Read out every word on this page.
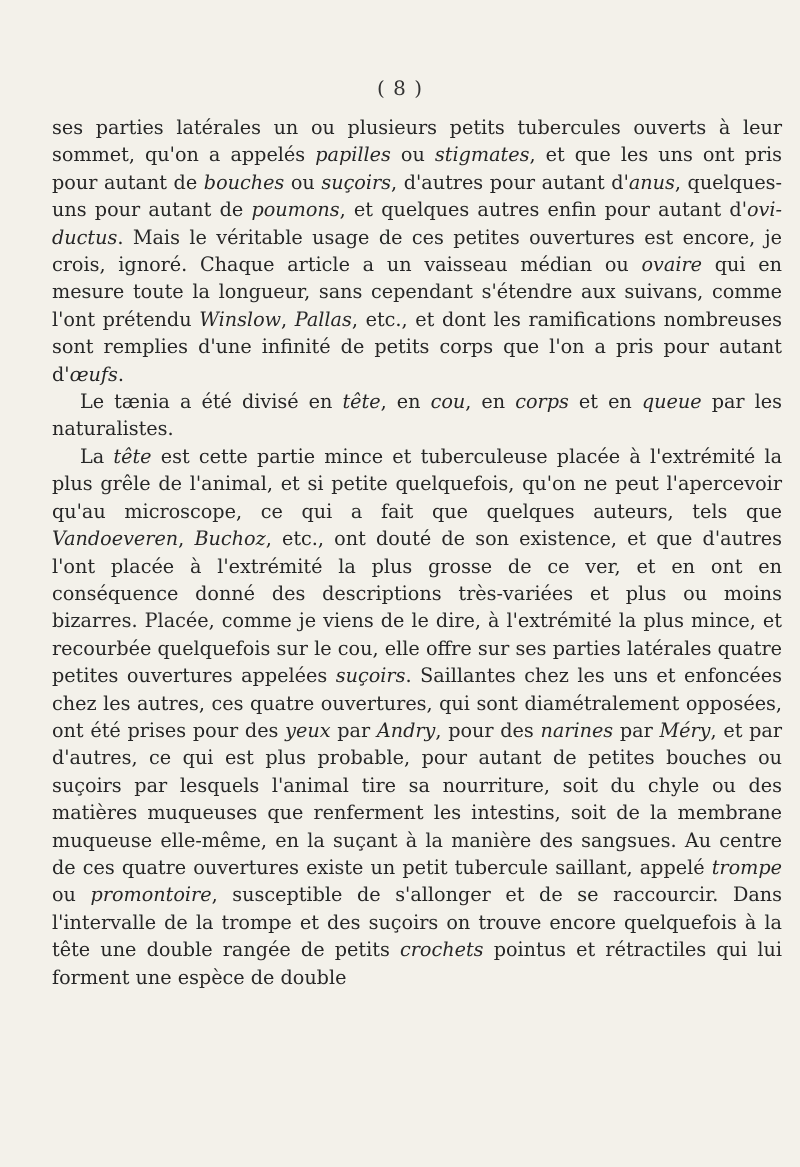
( 8 )

ses parties latérales un ou plusieurs petits tubercules ouverts à leur sommet, qu'on a appelés papilles ou stigmates, et que les uns ont pris pour autant de bouches ou suçoirs, d'autres pour autant d'anus, quelques-uns pour autant de poumons, et quelques autres enfin pour autant d'ovi-ductus. Mais le véritable usage de ces petites ouvertures est encore, je crois, ignoré. Chaque article a un vaisseau médian ou ovaire qui en mesure toute la longueur, sans cependant s'étendre aux suivans, comme l'ont prétendu Winslow, Pallas, etc., et dont les ramifications nombreuses sont remplies d'une infinité de petits corps que l'on a pris pour autant d'œufs.

Le tænia a été divisé en tête, en cou, en corps et en queue par les naturalistes.

La tête est cette partie mince et tuberculeuse placée à l'extrémité la plus grêle de l'animal, et si petite quelquefois, qu'on ne peut l'apercevoir qu'au microscope, ce qui a fait que quelques auteurs, tels que Vandoeveren, Buchoz, etc., ont douté de son existence, et que d'autres l'ont placée à l'extrémité la plus grosse de ce ver, et en ont en conséquence donné des descriptions très-variées et plus ou moins bizarres. Placée, comme je viens de le dire, à l'extrémité la plus mince, et recourbée quelquefois sur le cou, elle offre sur ses parties latérales quatre petites ouvertures appelées suçoirs. Saillantes chez les uns et enfoncées chez les autres, ces quatre ouvertures, qui sont diamétralement opposées, ont été prises pour des yeux par Andry, pour des narines par Méry, et par d'autres, ce qui est plus probable, pour autant de petites bouches ou suçoirs par lesquels l'animal tire sa nourriture, soit du chyle ou des matières muqueuses que renferment les intestins, soit de la membrane muqueuse elle-même, en la suçant à la manière des sangsues. Au centre de ces quatre ouvertures existe un petit tubercule saillant, appelé trompe ou promontoire, susceptible de s'allonger et de se raccourcir. Dans l'intervalle de la trompe et des suçoirs on trouve encore quelquefois à la tête une double rangée de petits crochets pointus et rétractiles qui lui forment une espèce de double
